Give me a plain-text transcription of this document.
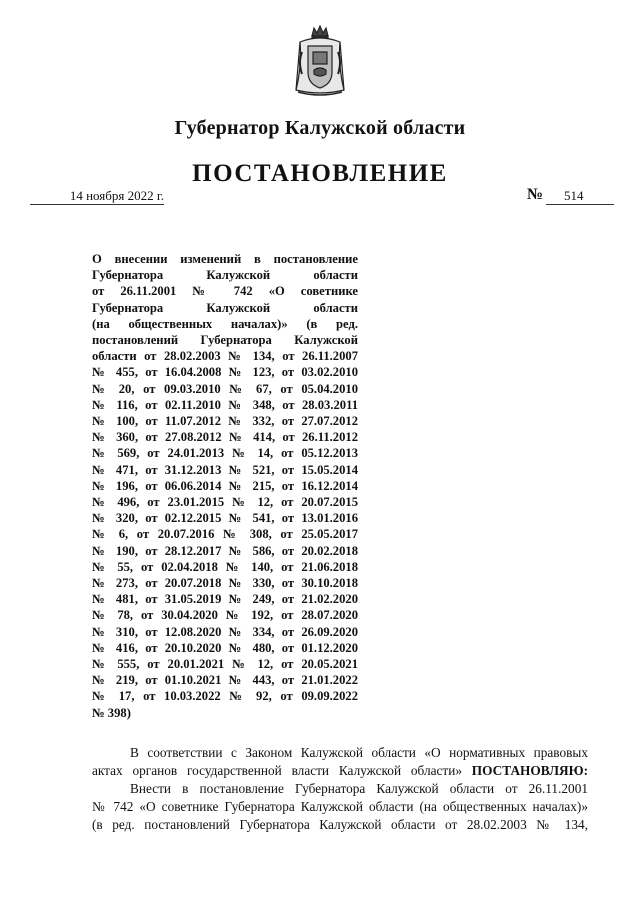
Губернатор Калужской области
ПОСТАНОВЛЕНИЕ
14 ноября 2022 г.	№	514
О внесении изменений в постановление
Губернатора Калужской области
от 26.11.2001 № 742 «О советнике
Губернатора Калужской области
(на общественных началах)» (в ред.
постановлений Губернатора Калужской
области от 28.02.2003 № 134, от 26.11.2007
№ 455, от 16.04.2008 № 123, от 03.02.2010
№ 20, от 09.03.2010 № 67, от 05.04.2010
№ 116, от 02.11.2010 № 348, от 28.03.2011
№ 100, от 11.07.2012 № 332, от 27.07.2012
№ 360, от 27.08.2012 № 414, от 26.11.2012
№ 569, от 24.01.2013 № 14, от 05.12.2013
№ 471, от 31.12.2013 № 521, от 15.05.2014
№ 196, от 06.06.2014 № 215, от 16.12.2014
№ 496, от 23.01.2015 № 12, от 20.07.2015
№ 320, от 02.12.2015 № 541, от 13.01.2016
№ 6, от 20.07.2016 № 308, от 25.05.2017
№ 190, от 28.12.2017 № 586, от 20.02.2018
№ 55, от 02.04.2018 № 140, от 21.06.2018
№ 273, от 20.07.2018 № 330, от 30.10.2018
№ 481, от 31.05.2019 № 249, от 21.02.2020
№ 78, от 30.04.2020 № 192, от 28.07.2020
№ 310, от 12.08.2020 № 334, от 26.09.2020
№ 416, от 20.10.2020 № 480, от 01.12.2020
№ 555, от 20.01.2021 № 12, от 20.05.2021
№ 219, от 01.10.2021 № 443, от 21.01.2022
№ 17, от 10.03.2022 № 92, от 09.09.2022
№ 398)
В соответствии с Законом Калужской области «О нормативных правовых
актах органов государственной власти Калужской области» ПОСТАНОВЛЯЮ:
Внести в постановление Губернатора Калужской области от 26.11.2001
№ 742 «О советнике Губернатора Калужской области (на общественных началах)»
(в ред. постановлений Губернатора Калужской области от 28.02.2003 № 134,
